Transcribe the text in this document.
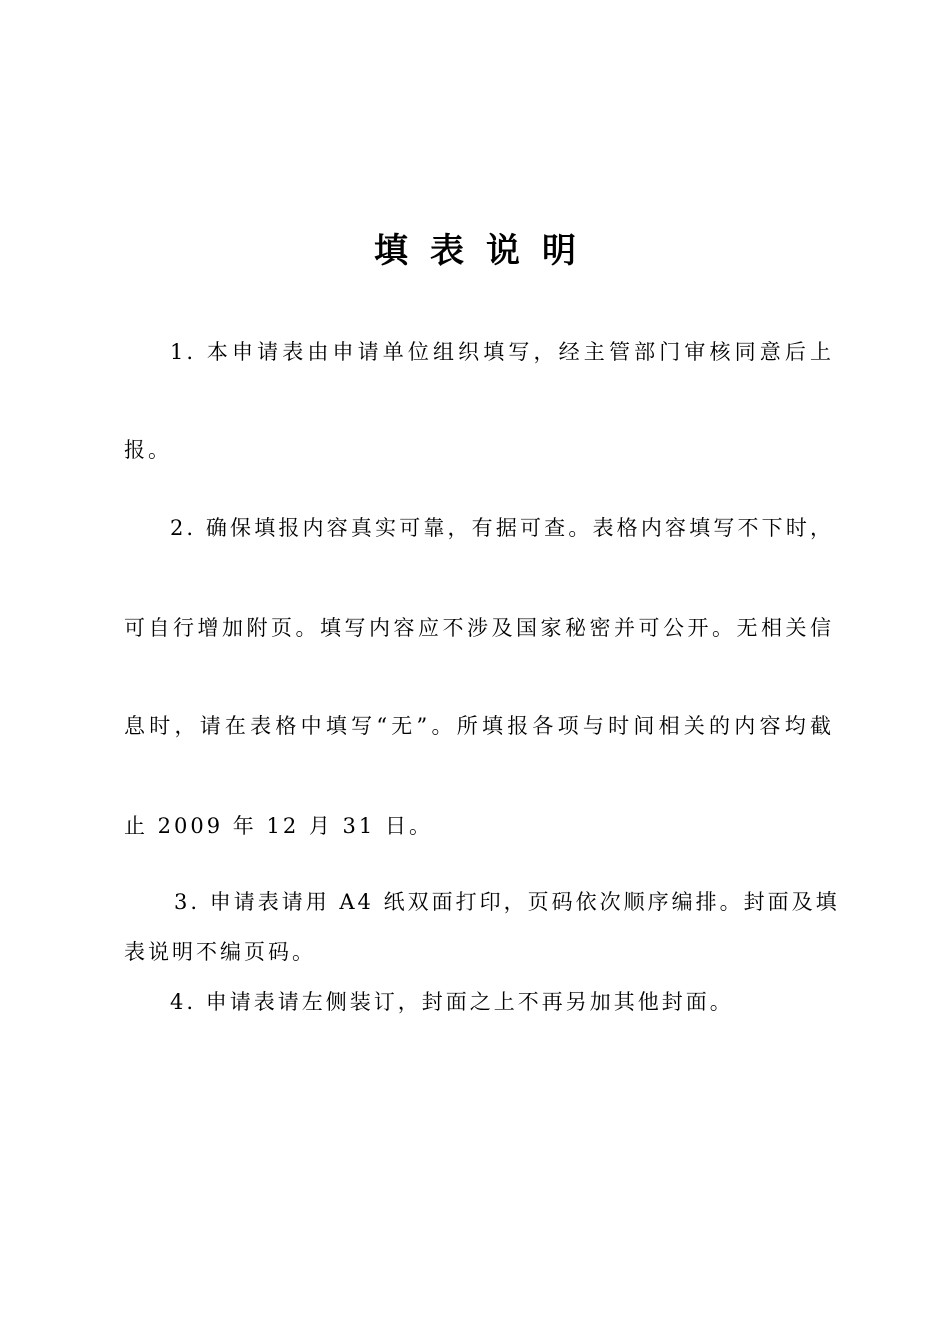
填表说明
1. 本申请表由申请单位组织填写，经主管部门审核同意后上
报。
2. 确保填报内容真实可靠，有据可查。表格内容填写不下时，
可自行增加附页。填写内容应不涉及国家秘密并可公开。无相关信
息时，请在表格中填写“无”。所填报各项与时间相关的内容均截
止 2009 年 12 月 31 日。
3. 申请表请用 A4 纸双面打印，页码依次顺序编排。封面及填
表说明不编页码。
4. 申请表请左侧装订，封面之上不再另加其他封面。
